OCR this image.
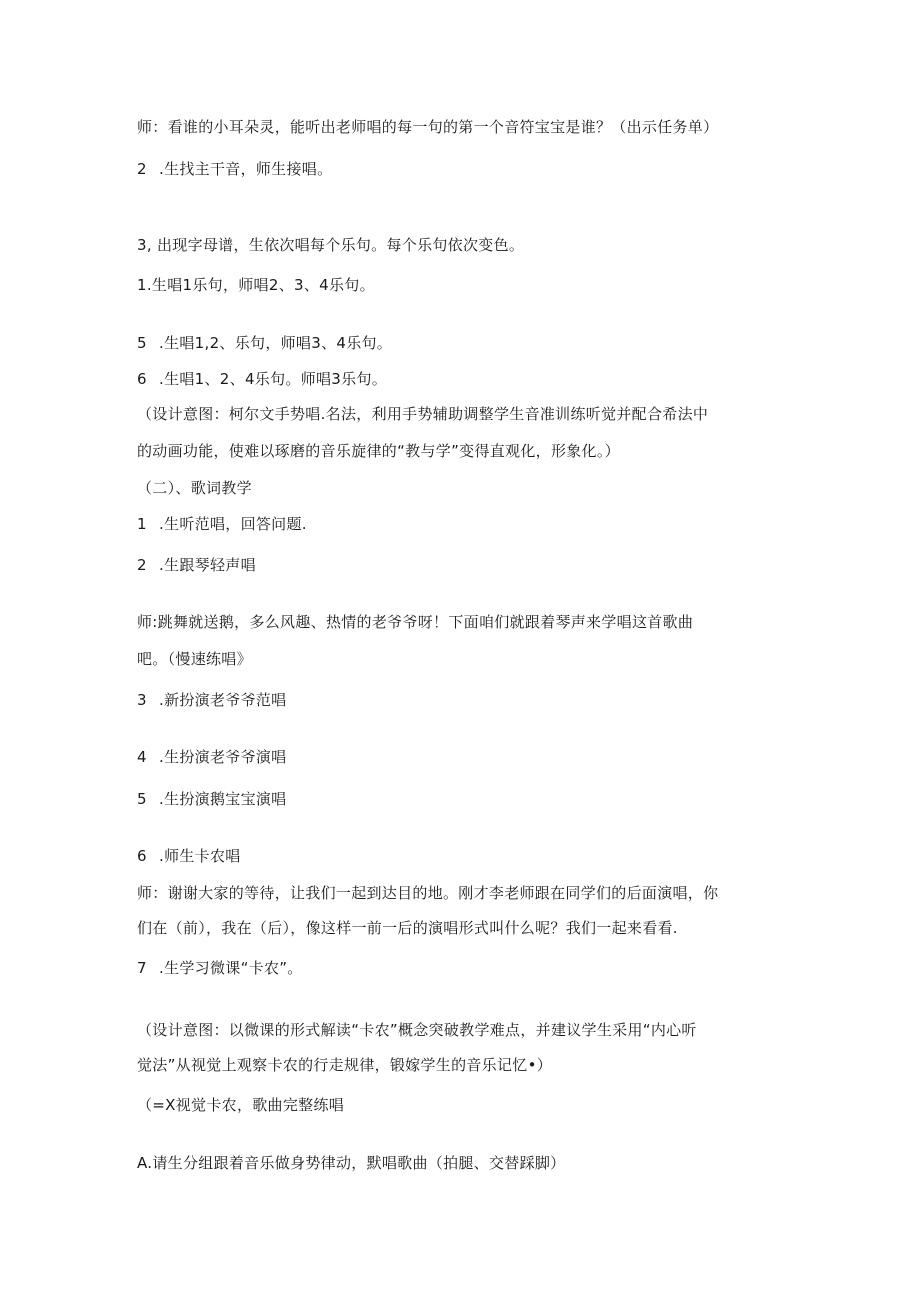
师：看谁的小耳朵灵，能听出老师唱的每一句的第一个音符宝宝是谁？（出示任务单）
2 .生找主干音，师生接唱。
3, 出现字母谱，生依次唱每个乐句。每个乐句依次变色。
1.生唱1乐句，师唱2、3、4乐句。
5 .生唱1,2、乐句，师唱3、4乐句。
6 .生唱1、2、4乐句。师唱3乐句。
（设计意图：柯尔文手势唱.名法，利用手势辅助调整学生音准训练听觉并配合希法中
的动画功能，使难以琢磨的音乐旋律的“教与学”变得直观化，形象化。）
（二）、歌词教学
1 .生听范唱，回答问题.
2 .生跟琴轻声唱
师:跳舞就送鹅，多么风趣、热情的老爷爷呀！下面咱们就跟着琴声来学唱这首歌曲
吧。（慢速练唱》
3 .新扮演老爷爷范唱
4 .生扮演老爷爷演唱
5 .生扮演鹅宝宝演唱
6 .师生卡农唱
师：谢谢大家的等待，让我们一起到达目的地。刚才李老师跟在同学们的后面演唱，你
们在（前），我在（后），像这样一前一后的演唱形式叫什么呢？我们一起来看看.
7 .生学习微课“卡农”。
（设计意图：以微课的形式解读“卡农”概念突破教学难点，并建议学生采用“内心听
觉法”从视觉上观察卡农的行走规律，锻嫁学生的音乐记忆•）
（=X视觉卡农，歌曲完整练唱
A.请生分组跟着音乐做身势律动，默唱歌曲（拍腿、交替踩脚）
